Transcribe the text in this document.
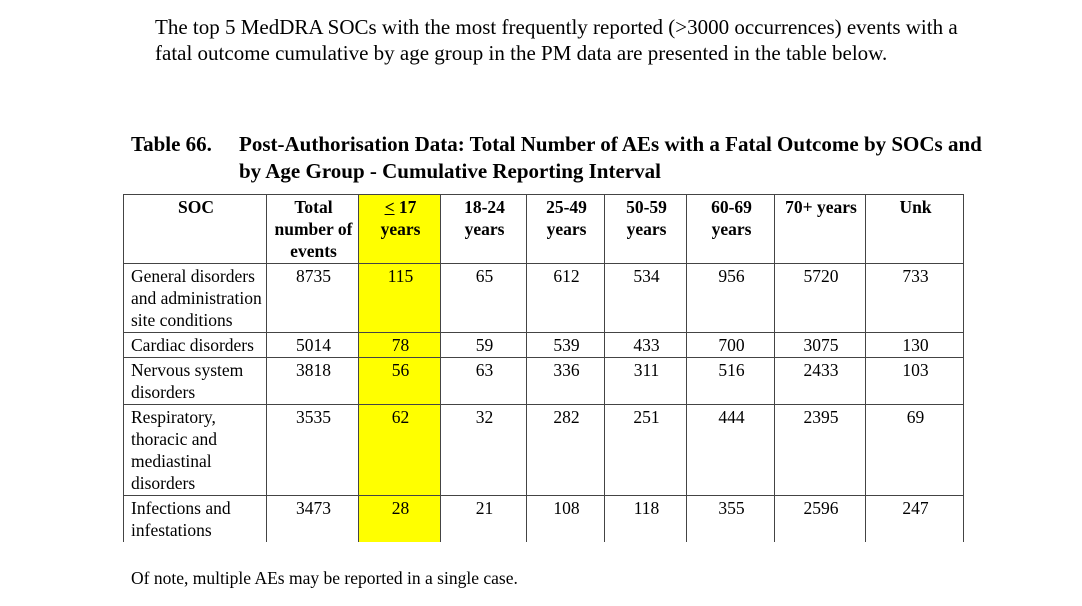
The top 5 MedDRA SOCs with the most frequently reported (>3000 occurrences) events with a fatal outcome cumulative by age group in the PM data are presented in the table below.
Table 66.	Post-Authorisation Data: Total Number of AEs with a Fatal Outcome by SOCs and by Age Group - Cumulative Reporting Interval
SOC	Total number of events	≤ 17 years	18-24 years	25-49 years	50-59 years	60-69 years	70+ years	Unk
General disorders and administration site conditions	8735	115	65	612	534	956	5720	733
Cardiac disorders	5014	78	59	539	433	700	3075	130
Nervous system disorders	3818	56	63	336	311	516	2433	103
Respiratory, thoracic and mediastinal disorders	3535	62	32	282	251	444	2395	69
Infections and infestations	3473	28	21	108	118	355	2596	247
Of note, multiple AEs may be reported in a single case.
